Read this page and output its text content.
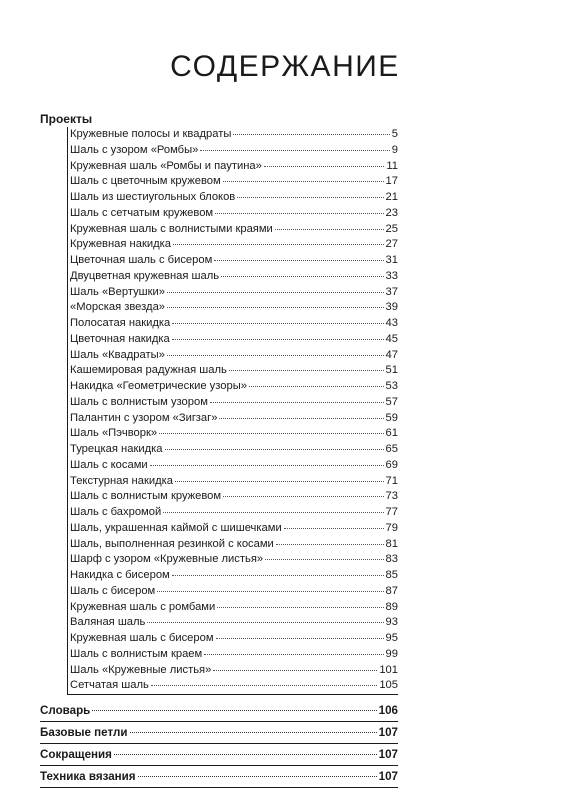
СОДЕРЖАНИЕ
Проекты
Кружевные полосы и квадраты	5
Шаль с узором «Ромбы»	9
Кружевная шаль «Ромбы и паутина»	11
Шаль с цветочным кружевом	17
Шаль из шестиугольных блоков	21
Шаль с сетчатым кружевом	23
Кружевная шаль с волнистыми краями	25
Кружевная накидка	27
Цветочная шаль с бисером	31
Двуцветная кружевная шаль	33
Шаль «Вертушки»	37
«Морская звезда»	39
Полосатая накидка	43
Цветочная накидка	45
Шаль «Квадраты»	47
Кашемировая радужная шаль	51
Накидка «Геометрические узоры»	53
Шаль с волнистым узором	57
Палантин с узором «Зигзаг»	59
Шаль «Пэчворк»	61
Турецкая накидка	65
Шаль с косами	69
Текстурная накидка	71
Шаль с волнистым кружевом	73
Шаль с бахромой	77
Шаль, украшенная каймой с шишечками	79
Шаль, выполненная резинкой с косами	81
Шарф с узором «Кружевные листья»	83
Накидка с бисером	85
Шаль с бисером	87
Кружевная шаль с ромбами	89
Валяная шаль	93
Кружевная шаль с бисером	95
Шаль с волнистым краем	99
Шаль «Кружевные листья»	101
Сетчатая шаль	105
Словарь	106
Базовые петли	107
Сокращения	107
Техника вязания	107
